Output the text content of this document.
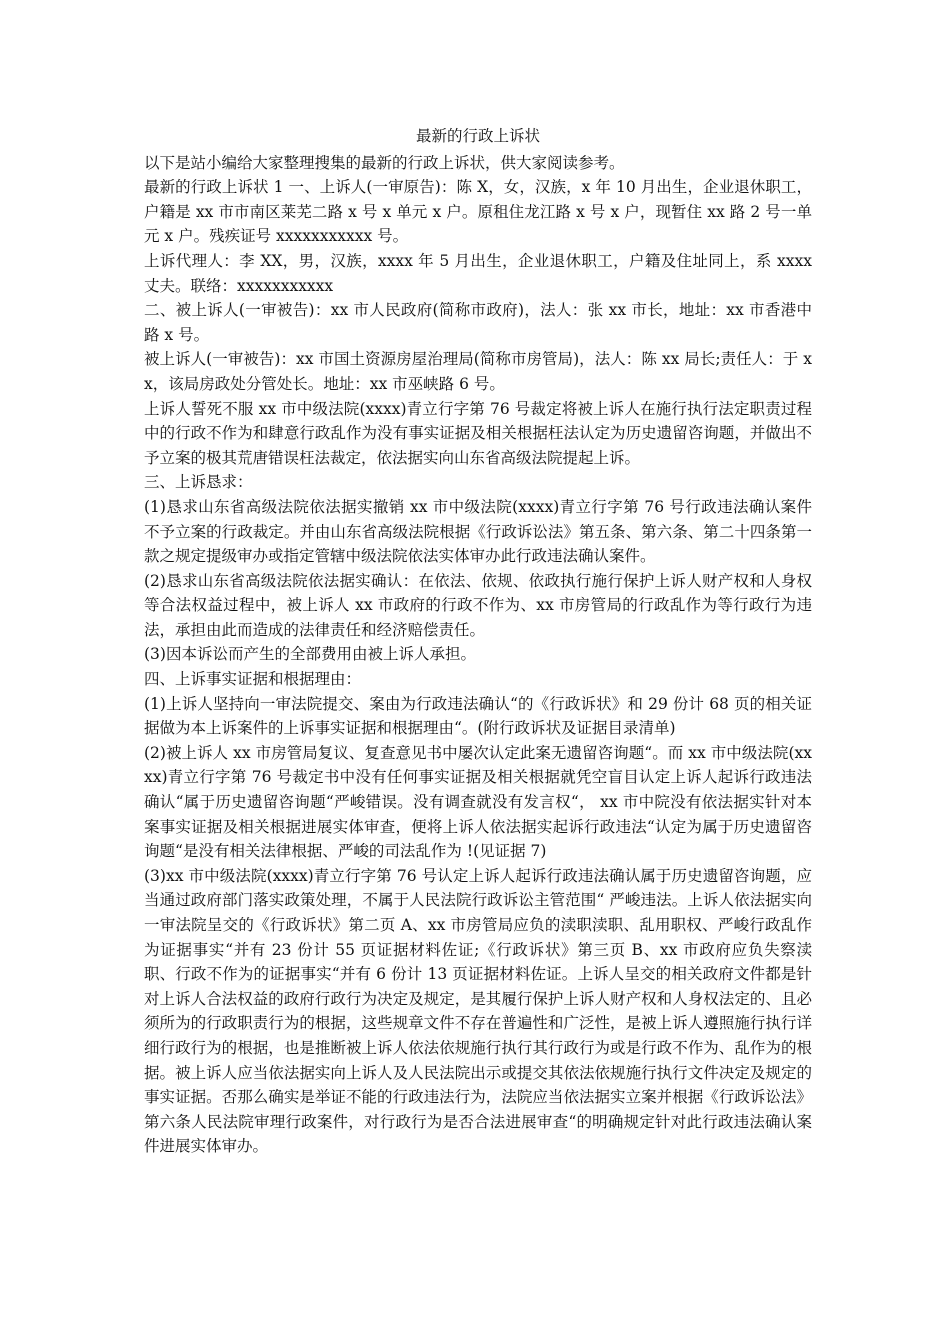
最新的行政上诉状

以下是站小编给大家整理搜集的最新的行政上诉状，供大家阅读参考。

最新的行政上诉状 1 一、上诉人(一审原告)：陈 X，女，汉族，x 年 10 月出生，企业退休职工，户籍是 xx 市市南区莱芜二路 x 号 x 单元 x 户。原租住龙江路 x 号 x 户，现暂住 xx 路 2 号一单元 x 户。残疾证号 xxxxxxxxxxx 号。

上诉代理人：李 XX，男，汉族，xxxx 年 5 月出生，企业退休职工，户籍及住址同上，系 xxxx 丈夫。联络：xxxxxxxxxxx

二、被上诉人(一审被告)：xx 市人民政府(简称市政府)，法人：张 xx 市长，地址：xx 市香港中路 x 号。

被上诉人(一审被告)：xx 市国土资源房屋治理局(简称市房管局)，法人：陈 xx 局长;责任人：于 xx，该局房政处分管处长。地址：xx 市巫峡路 6 号。

上诉人誓死不服 xx 市中级法院(xxxx)青立行字第 76 号裁定将被上诉人在施行执行法定职责过程中的行政不作为和肆意行政乱作为没有事实证据及相关根据枉法认定为历史遗留咨询题，并做出不予立案的极其荒唐错误枉法裁定，依法据实向山东省高级法院提起上诉。

三、上诉恳求：

(1)恳求山东省高级法院依法据实撤销 xx 市中级法院(xxxx)青立行字第 76 号行政违法确认案件不予立案的行政裁定。并由山东省高级法院根据《行政诉讼法》第五条、第六条、第二十四条第一款之规定提级审办或指定管辖中级法院依法实体审办此行政违法确认案件。

(2)恳求山东省高级法院依法据实确认：在依法、依规、依政执行施行保护上诉人财产权和人身权等合法权益过程中，被上诉人 xx 市政府的行政不作为、xx 市房管局的行政乱作为等行政行为违法，承担由此而造成的法律责任和经济赔偿责任。

(3)因本诉讼而产生的全部费用由被上诉人承担。

四、上诉事实证据和根据理由：

(1)上诉人坚持向一审法院提交、案由为行政违法确认“的《行政诉状》和 29 份计 68 页的相关证据做为本上诉案件的上诉事实证据和根据理由“。(附行政诉状及证据目录清单)

(2)被上诉人 xx 市房管局复议、复查意见书中屡次认定此案无遗留咨询题“。而 xx 市中级法院(xxxx)青立行字第 76 号裁定书中没有任何事实证据及相关根据就凭空盲目认定上诉人起诉行政违法确认“属于历史遗留咨询题“严峻错误。没有调查就没有发言权“， xx 市中院没有依法据实针对本案事实证据及相关根据进展实体审查，便将上诉人依法据实起诉行政违法“认定为属于历史遗留咨询题“是没有相关法律根据、严峻的司法乱作为 !(见证据 7)

(3)xx 市中级法院(xxxx)青立行字第 76 号认定上诉人起诉行政违法确认属于历史遗留咨询题，应当通过政府部门落实政策处理，不属于人民法院行政诉讼主管范围“ 严峻违法。上诉人依法据实向一审法院呈交的《行政诉状》第二页 A、xx 市房管局应负的渎职渎职、乱用职权、严峻行政乱作为证据事实“并有 23 份计 55 页证据材料佐证;《行政诉状》第三页 B、xx 市政府应负失察渎职、行政不作为的证据事实“并有 6 份计 13 页证据材料佐证。上诉人呈交的相关政府文件都是针对上诉人合法权益的政府行政行为决定及规定，是其履行保护上诉人财产权和人身权法定的、且必须所为的行政职责行为的根据，这些规章文件不存在普遍性和广泛性，是被上诉人遵照施行执行详细行政行为的根据，也是推断被上诉人依法依规施行执行其行政行为或是行政不作为、乱作为的根据。被上诉人应当依法据实向上诉人及人民法院出示或提交其依法依规施行执行文件决定及规定的事实证据。否那么确实是举证不能的行政违法行为，法院应当依法据实立案并根据《行政诉讼法》第六条人民法院审理行政案件，对行政行为是否合法进展审查“的明确规定针对此行政违法确认案件进展实体审办。
